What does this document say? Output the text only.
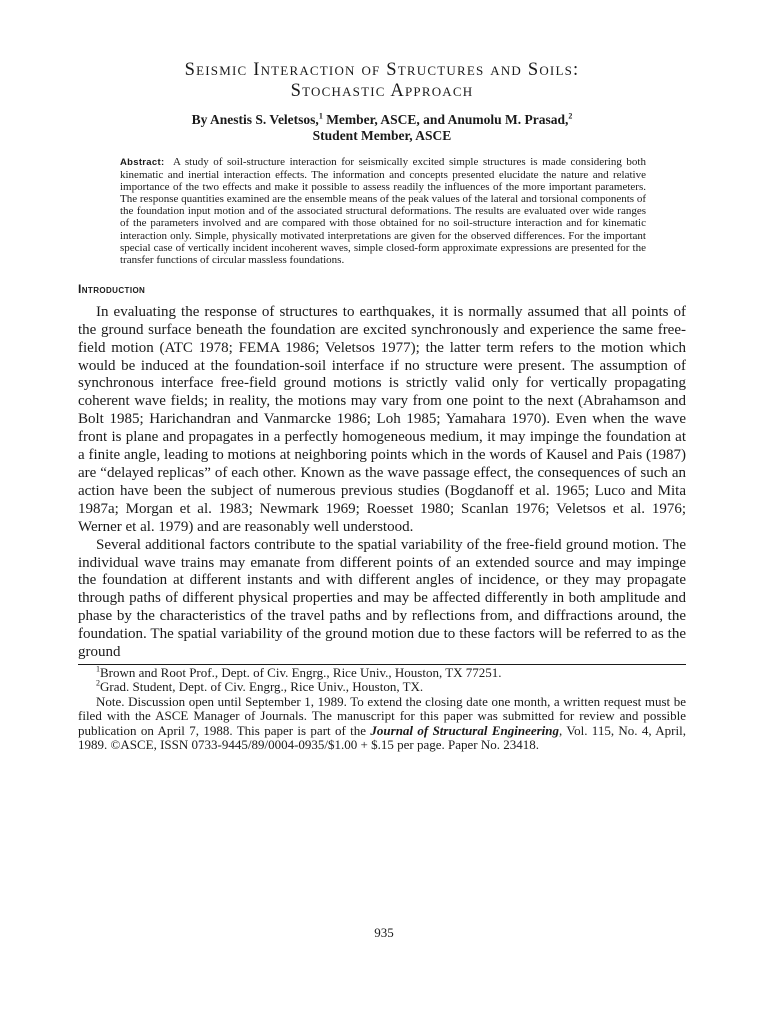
Seismic Interaction of Structures and Soils:
Stochastic Approach
By Anestis S. Veletsos,$^1$ Member, ASCE, and Anumolu M. Prasad,$^2$
Student Member, ASCE
Abstract: A study of soil-structure interaction for seismically excited simple structures is made considering both kinematic and inertial interaction effects. The information and concepts presented elucidate the nature and relative importance of the two effects and make it possible to assess readily the influences of the more important parameters. The response quantities examined are the ensemble means of the peak values of the lateral and torsional components of the foundation input motion and of the associated structural deformations. The results are evaluated over wide ranges of the parameters involved and are compared with those obtained for no soil-structure interaction and for kinematic interaction only. Simple, physically motivated interpretations are given for the observed differences. For the important special case of vertically incident incoherent waves, simple closed-form approximate expressions are presented for the transfer functions of circular massless foundations.
Introduction

In evaluating the response of structures to earthquakes, it is normally assumed that all points of the ground surface beneath the foundation are excited synchronously and experience the same free-field motion (ATC 1978; FEMA 1986; Veletsos 1977); the latter term refers to the motion which would be induced at the foundation-soil interface if no structure were present. The assumption of synchronous interface free-field ground motions is strictly valid only for vertically propagating coherent wave fields; in reality, the motions may vary from one point to the next (Abrahamson and Bolt 1985; Harichandran and Vanmarcke 1986; Loh 1985; Yamahara 1970). Even when the wave front is plane and propagates in a perfectly homogeneous medium, it may impinge the foundation at a finite angle, leading to motions at neighboring points which in the words of Kausel and Pais (1987) are “delayed replicas” of each other. Known as the wave passage effect, the consequences of such an action have been the subject of numerous previous studies (Bogdanoff et al. 1965; Luco and Mita 1987a; Morgan et al. 1983; Newmark 1969; Roesset 1980; Scanlan 1976; Veletsos et al. 1976; Werner et al. 1979) and are reasonably well understood.

Several additional factors contribute to the spatial variability of the free-field ground motion. The individual wave trains may emanate from different points of an extended source and may impinge the foundation at different instants and with different angles of incidence, or they may propagate through paths of different physical properties and may be affected differently in both amplitude and phase by the characteristics of the travel paths and by reflections from, and diffractions around, the foundation. The spatial variability of the ground motion due to these factors will be referred to as the ground

$^1$Brown and Root Prof., Dept. of Civ. Engrg., Rice Univ., Houston, TX 77251.

$^2$Grad. Student, Dept. of Civ. Engrg., Rice Univ., Houston, TX.

Note. Discussion open until September 1, 1989. To extend the closing date one month, a written request must be filed with the ASCE Manager of Journals. The manuscript for this paper was submitted for review and possible publication on April 7, 1988. This paper is part of the Journal of Structural Engineering, Vol. 115, No. 4, April, 1989. ©ASCE, ISSN 0733-9445/89/0004-0935/$1.00 + $.15 per page. Paper No. 23418.

935
